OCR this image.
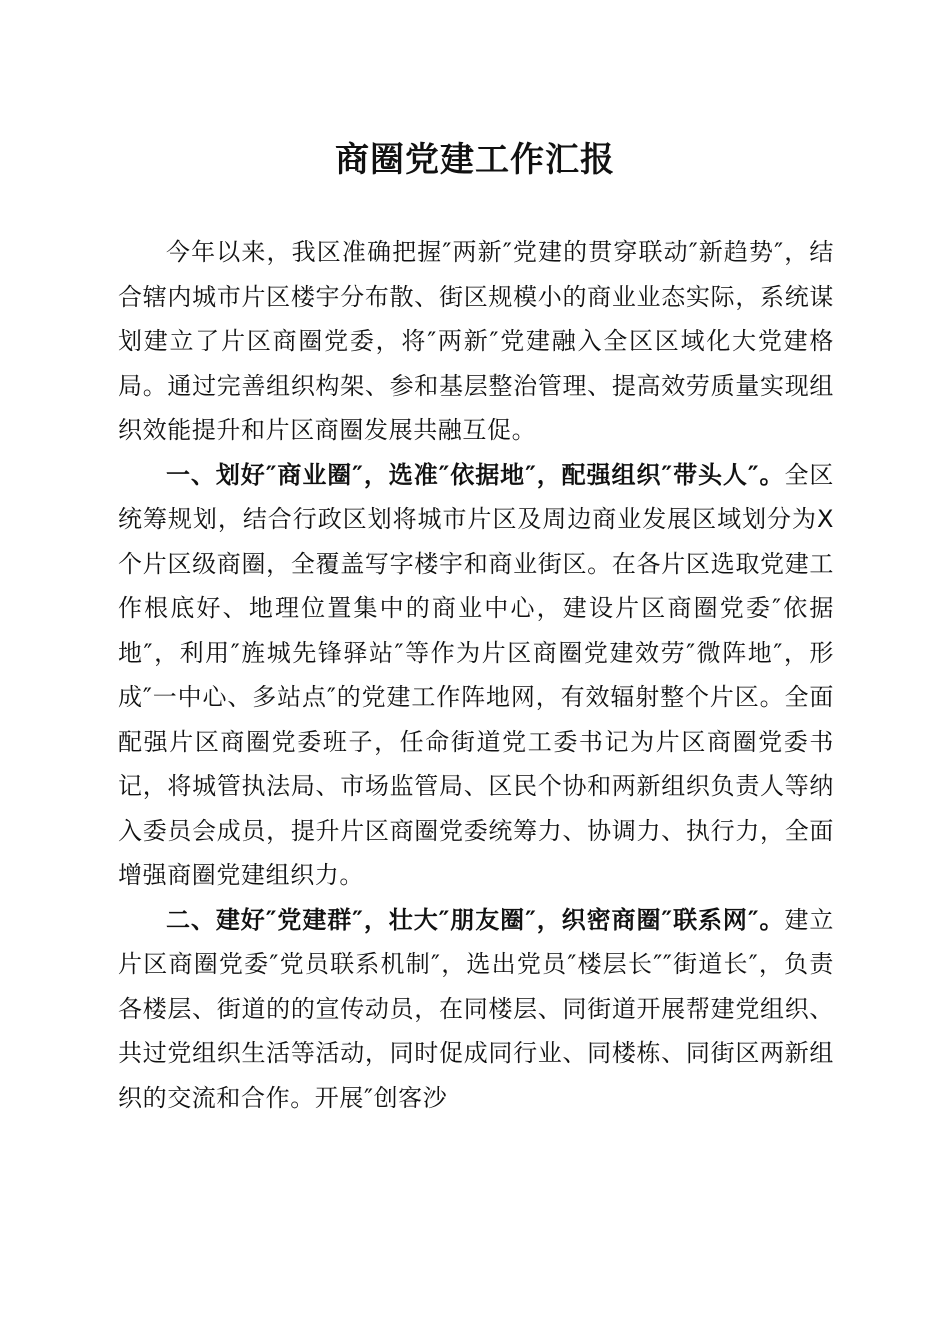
商圈党建工作汇报

今年以来，我区准确把握″两新″党建的贯穿联动″新趋势″，结合辖内城市片区楼宇分布散、街区规模小的商业业态实际，系统谋划建立了片区商圈党委，将″两新″党建融入全区区域化大党建格局。通过完善组织构架、参和基层整治管理、提高效劳质量实现组织效能提升和片区商圈发展共融互促。

一、划好″商业圈″，选准″依据地″，配强组织″带头人″。全区统筹规划，结合行政区划将城市片区及周边商业发展区域划分为X个片区级商圈，全覆盖写字楼宇和商业街区。在各片区选取党建工作根底好、地理位置集中的商业中心，建设片区商圈党委″依据地″，利用″旌城先锋驿站″等作为片区商圈党建效劳″微阵地″，形成″一中心、多站点″的党建工作阵地网，有效辐射整个片区。全面配强片区商圈党委班子，任命街道党工委书记为片区商圈党委书记，将城管执法局、市场监管局、区民个协和两新组织负责人等纳入委员会成员，提升片区商圈党委统筹力、协调力、执行力，全面增强商圈党建组织力。

二、建好″党建群″，壮大″朋友圈″，织密商圈″联系网″。建立片区商圈党委″党员联系机制″，选出党员″楼层长″″街道长″，负责各楼层、街道的的宣传动员，在同楼层、同街道开展帮建党组织、共过党组织生活等活动，同时促成同行业、同楼栋、同街区两新组织的交流和合作。开展″创客沙
